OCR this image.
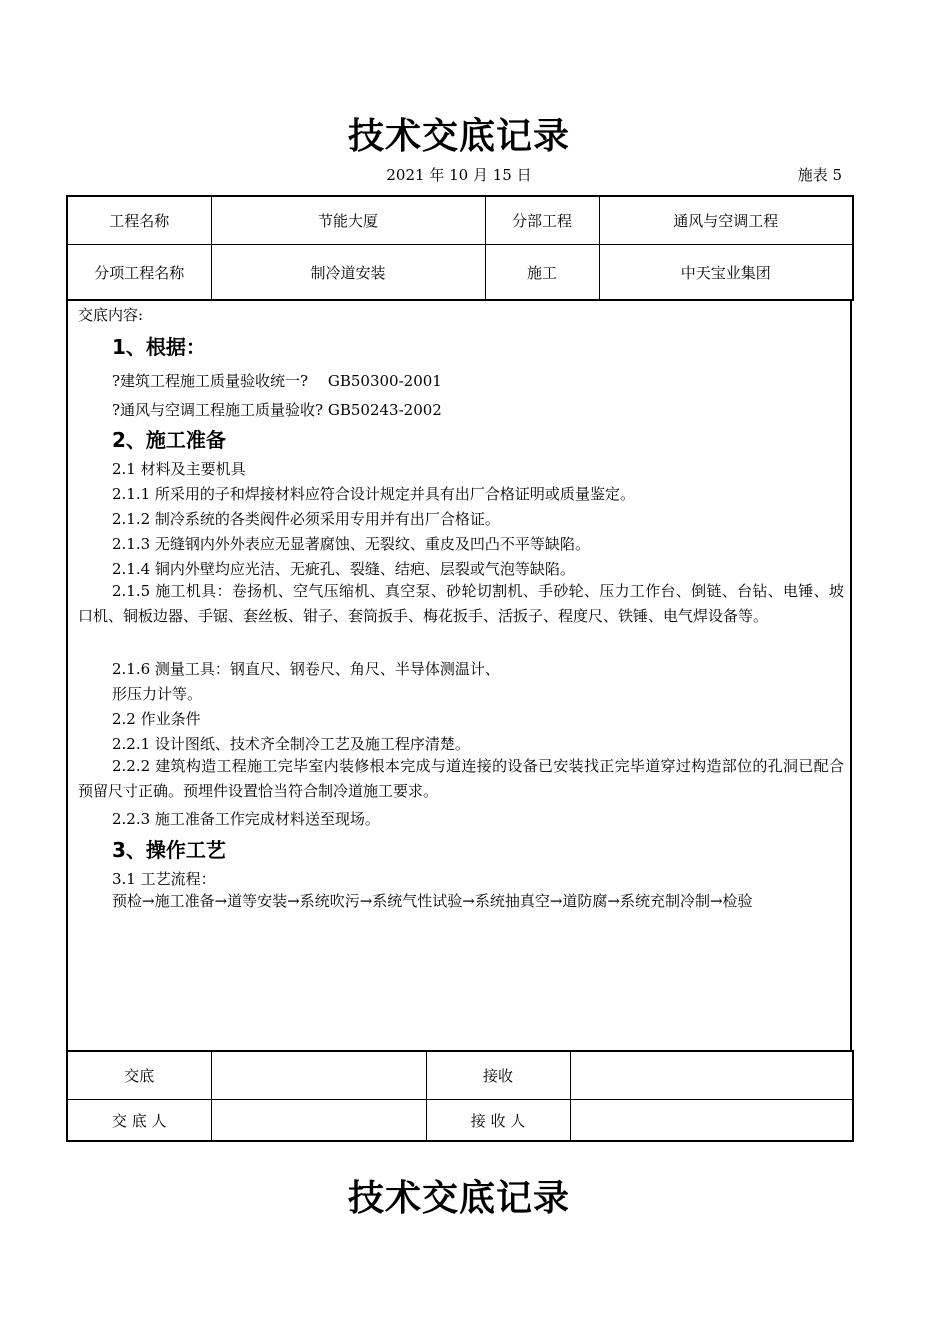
技术交底记录
2021 年 10 月 15 日	施表 5
工程名称	节能大厦	分部工程	通风与空调工程
分项工程名称	制冷道安装	施工	中天宝业集团
交底内容:
1、根据：
?建筑工程施工质量验收统一?　 GB50300-2001
?通风与空调工程施工质量验收? GB50243-2002
2、施工准备
2.1 材料及主要机具
2.1.1 所采用的子和焊接材料应符合设计规定并具有出厂合格证明或质量鉴定。
2.1.2 制冷系统的各类阀件必须采用专用并有出厂合格证。
2.1.3 无缝钢内外外表应无显著腐蚀、无裂纹、重皮及凹凸不平等缺陷。
2.1.4 铜内外壁均应光洁、无疵孔、裂缝、结疤、层裂或气泡等缺陷。
2.1.5 施工机具：卷扬机、空气压缩机、真空泵、砂轮切割机、手砂轮、压力工作台、倒链、台钻、电锤、坡口机、铜板边器、手锯、套丝板、钳子、套筒扳手、梅花扳手、活扳子、程度尺、铁锤、电气焊设备等。
2.1.6 测量工具：钢直尺、钢卷尺、角尺、半导体测温计、
形压力计等。
2.2 作业条件
2.2.1 设计图纸、技术齐全制冷工艺及施工程序清楚。
2.2.2 建筑构造工程施工完毕室内装修根本完成与道连接的设备已安装找正完毕道穿过构造部位的孔洞已配合预留尺寸正确。预埋件设置恰当符合制冷道施工要求。
2.2.3 施工准备工作完成材料送至现场。
3、操作工艺
3.1 工艺流程：
预检→施工准备→道等安装→系统吹污→系统气性试验→系统抽真空→道防腐→系统充制冷制→检验
交底		接收	
交 底 人		接 收 人	
技术交底记录
